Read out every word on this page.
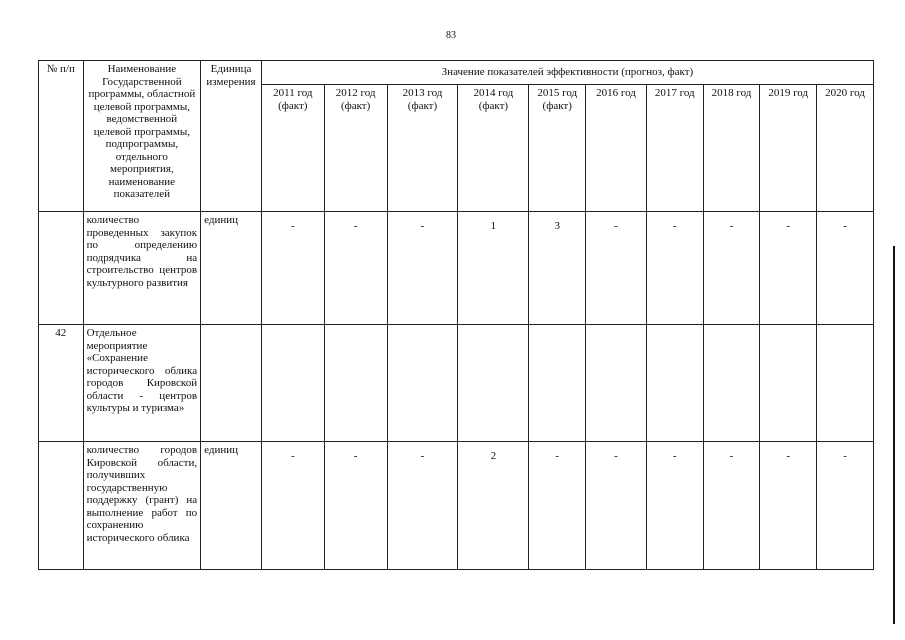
83
№ п/п	Наименование Государственной программы, областной целевой программы, ведомственной целевой программы, подпрограммы, отдельного мероприятия, наименование показателей	Единица измерения	Значение показателей эффективности (прогноз, факт)									
			2011 год (факт)	2012 год (факт)	2013 год (факт)	2014 год (факт)	2015 год (факт)	2016 год	2017 год	2018 год	2019 год	2020 год
	количество проведенных закупок по определению подрядчика на строительство центров культурного развития	единиц	-	-	-	1	3	-	-	-	-	-
42	Отдельное мероприятие «Сохранение исторического облика городов Кировской области - центров культуры и туризма»											
	количество городов Кировской области, получивших государственную поддержку (грант) на выполнение работ по сохранению исторического облика	единиц	-	-	-	2	-	-	-	-	-	-
